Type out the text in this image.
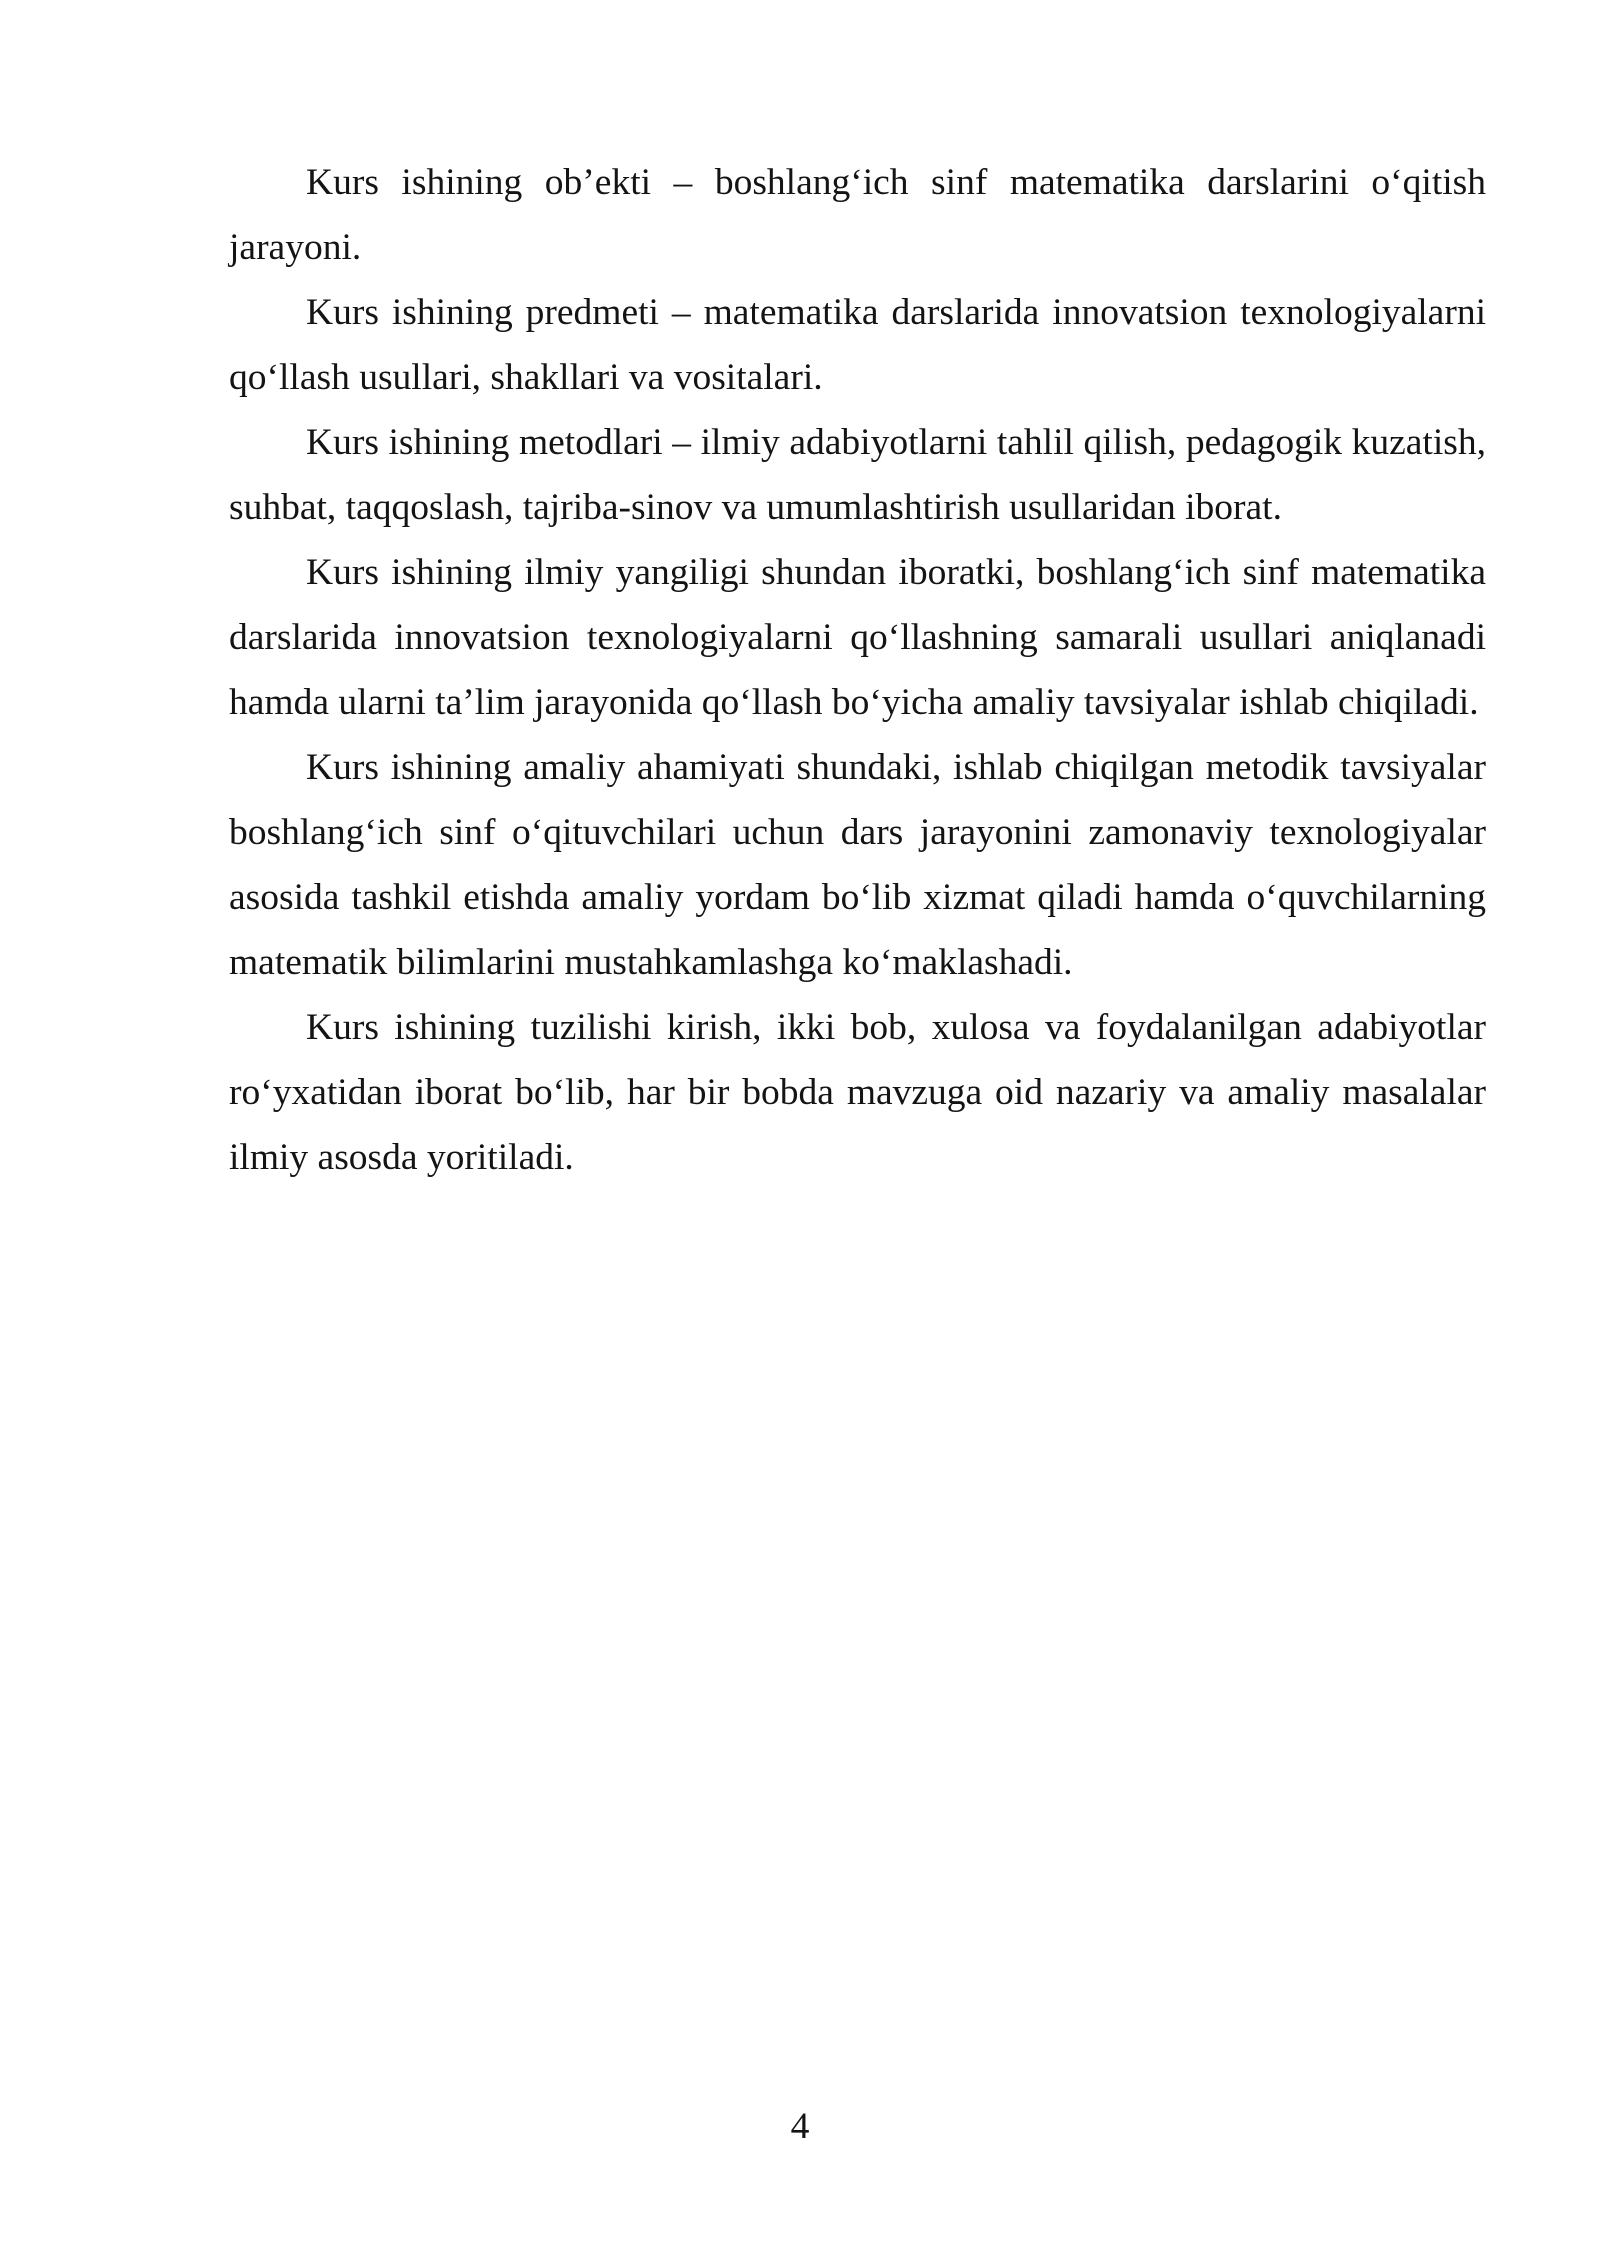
Kurs ishining ob’ekti – boshlang‘ich sinf matematika darslarini o‘qitish jarayoni.

Kurs ishining predmeti – matematika darslarida innovatsion texnologiyalarni qo‘llash usullari, shakllari va vositalari.

Kurs ishining metodlari – ilmiy adabiyotlarni tahlil qilish, pedagogik kuzatish, suhbat, taqqoslash, tajriba-sinov va umumlashtirish usullaridan iborat.

Kurs ishining ilmiy yangiligi shundan iboratki, boshlang‘ich sinf matematika darslarida innovatsion texnologiyalarni qo‘llashning samarali usullari aniqlanadi hamda ularni ta’lim jarayonida qo‘llash bo‘yicha amaliy tavsiyalar ishlab chiqiladi.

Kurs ishining amaliy ahamiyati shundaki, ishlab chiqilgan metodik tavsiyalar boshlang‘ich sinf o‘qituvchilari uchun dars jarayonini zamonaviy texnologiyalar asosida tashkil etishda amaliy yordam bo‘lib xizmat qiladi hamda o‘quvchilarning matematik bilimlarini mustahkamlashga ko‘maklashadi.

Kurs ishining tuzilishi kirish, ikki bob, xulosa va foydalanilgan adabiyotlar ro‘yxatidan iborat bo‘lib, har bir bobda mavzuga oid nazariy va amaliy masalalar ilmiy asosda yoritiladi.

4
